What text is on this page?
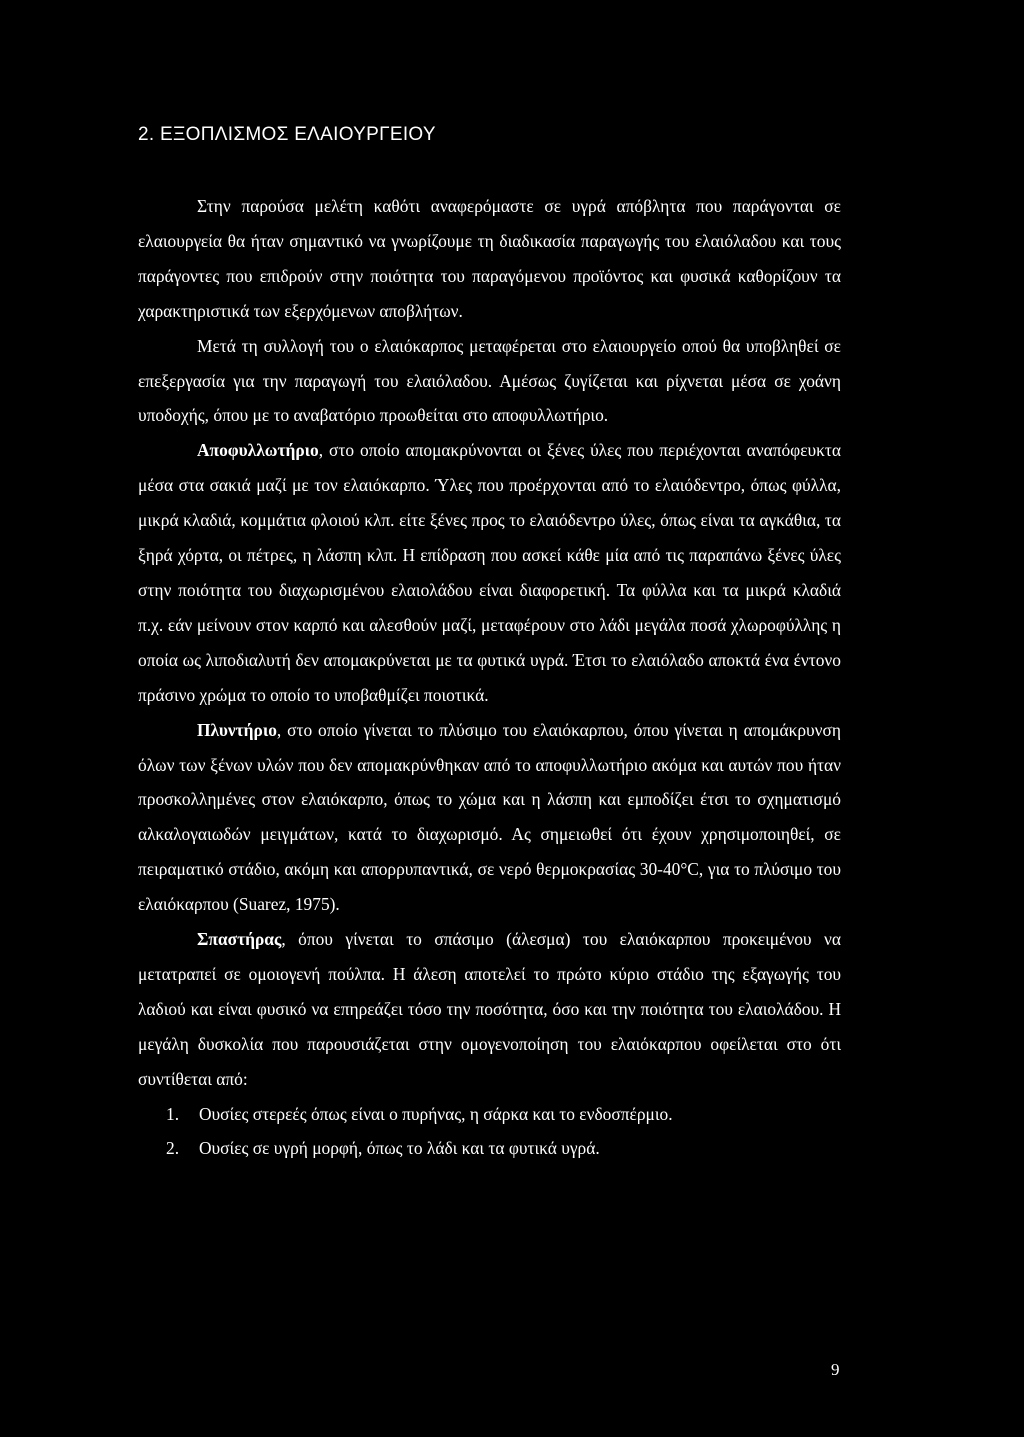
2. ΕΞΟΠΛΙΣΜΟΣ ΕΛΑΙΟΥΡΓΕΙΟΥ

Στην παρούσα μελέτη καθότι αναφερόμαστε σε υγρά απόβλητα που παράγονται σε ελαιουργεία θα ήταν σημαντικό να γνωρίζουμε τη διαδικασία παραγωγής του ελαιόλαδου και τους παράγοντες που επιδρούν στην ποιότητα του παραγόμενου προϊόντος και φυσικά καθορίζουν τα χαρακτηριστικά των εξερχόμενων αποβλήτων.

Μετά τη συλλογή του ο ελαιόκαρπος μεταφέρεται στο ελαιουργείο οπού θα υποβληθεί σε επεξεργασία για την παραγωγή του ελαιόλαδου. Αμέσως ζυγίζεται και ρίχνεται μέσα σε χοάνη υποδοχής, όπου με το αναβατόριο προωθείται στο αποφυλλωτήριο.

Αποφυλλωτήριο, στο οποίο απομακρύνονται οι ξένες ύλες που περιέχονται αναπόφευκτα μέσα στα σακιά μαζί με τον ελαιόκαρπο. Ύλες που προέρχονται από το ελαιόδεντρο, όπως φύλλα, μικρά κλαδιά, κομμάτια φλοιού κλπ. είτε ξένες προς το ελαιόδεντρο ύλες, όπως είναι τα αγκάθια, τα ξηρά χόρτα, οι πέτρες, η λάσπη κλπ. Η επίδραση που ασκεί κάθε μία από τις παραπάνω ξένες ύλες στην ποιότητα του διαχωρισμένου ελαιολάδου είναι διαφορετική. Τα φύλλα και τα μικρά κλαδιά π.χ. εάν μείνουν στον καρπό και αλεσθούν μαζί, μεταφέρουν στο λάδι μεγάλα ποσά χλωροφύλλης η οποία ως λιποδιαλυτή δεν απομακρύνεται με τα φυτικά υγρά. Έτσι το ελαιόλαδο αποκτά ένα έντονο πράσινο χρώμα το οποίο το υποβαθμίζει ποιοτικά.

Πλυντήριο, στο οποίο γίνεται το πλύσιμο του ελαιόκαρπου, όπου γίνεται η απομάκρυνση όλων των ξένων υλών που δεν απομακρύνθηκαν από το αποφυλλωτήριο ακόμα και αυτών που ήταν προσκολλημένες στον ελαιόκαρπο, όπως το χώμα και η λάσπη και εμποδίζει έτσι το σχηματισμό αλκαλογαιωδών μειγμάτων, κατά το διαχωρισμό. Ας σημειωθεί ότι έχουν χρησιμοποιηθεί, σε πειραματικό στάδιο, ακόμη και απορρυπαντικά, σε νερό θερμοκρασίας 30-40°C, για το πλύσιμο του ελαιόκαρπου (Suarez, 1975).

Σπαστήρας, όπου γίνεται το σπάσιμο (άλεσμα) του ελαιόκαρπου προκειμένου να μετατραπεί σε ομοιογενή πούλπα. Η άλεση αποτελεί το πρώτο κύριο στάδιο της εξαγωγής του λαδιού και είναι φυσικό να επηρεάζει τόσο την ποσότητα, όσο και την ποιότητα του ελαιολάδου. Η μεγάλη δυσκολία που παρουσιάζεται στην ομογενοποίηση του ελαιόκαρπου οφείλεται στο ότι συντίθεται από:

1. Ουσίες στερεές όπως είναι ο πυρήνας, η σάρκα και το ενδοσπέρμιο.
2. Ουσίες σε υγρή μορφή, όπως το λάδι και τα φυτικά υγρά.
9
